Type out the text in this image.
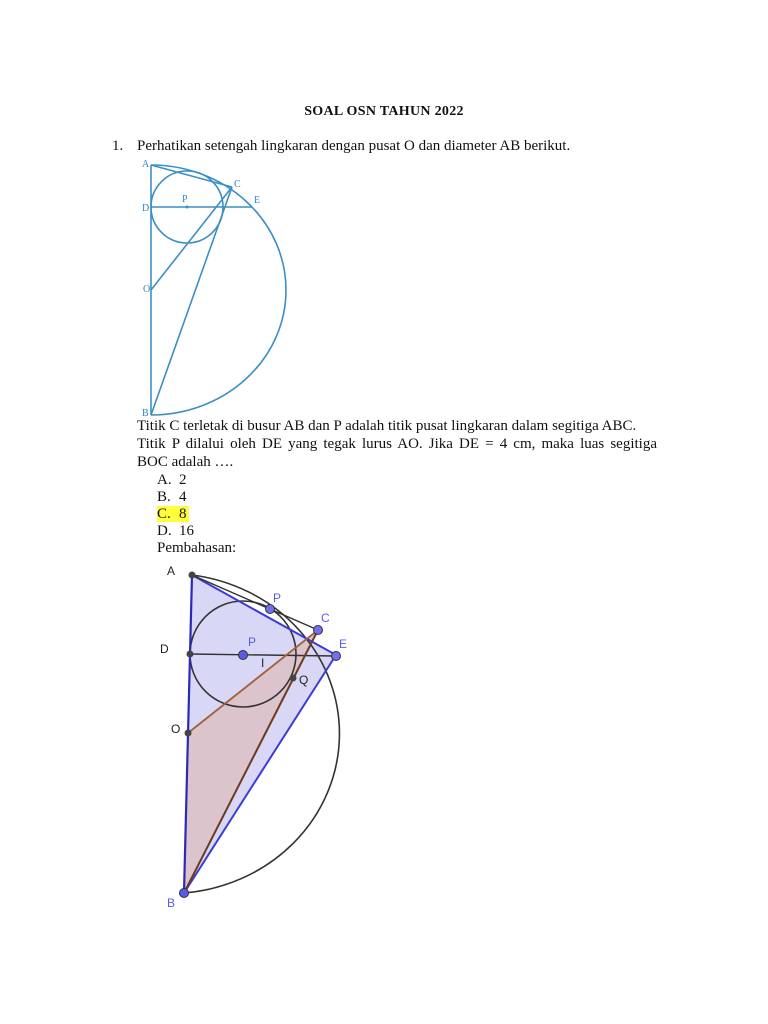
SOAL OSN TAHUN 2022
1. Perhatikan setengah lingkaran dengan pusat O dan diameter AB berikut.
A
C
D
P	E
O
B
A
P
C
D	P	E
I
Q
O
B
Titik C terletak di busur AB dan P adalah titik pusat lingkaran dalam segitiga ABC.
Titik P dilalui oleh DE yang tegak lurus AO. Jika DE = 4 cm, maka luas segitiga
BOC adalah ….
A. 2
B. 4
C. 8
D. 16
Pembahasan:
